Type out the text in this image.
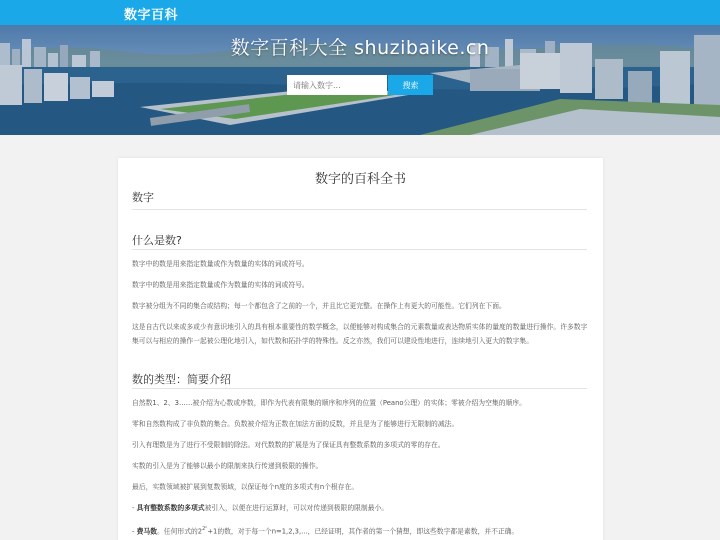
数字百科
数字百科大全 shuzibaike.cn
请输入数字...
搜索
数字的百科全书
数字
什么是数?

数字中的数是用来指定数量或作为数量的实体的词或符号。

数字中的数是用来指定数量或作为数量的实体的词或符号。

数字被分组为不同的集合或结构；每一个都包含了之前的一个，并且比它更完整。在操作上有更大的可能性。它们列在下面。

这是自古代以来或多或少有意识地引入的具有根本重要性的数学概念，以便能够对构成集合的元素数量或表达物质实体的量度的数量进行操作。许多数字集可以与相应的操作一起被公理化地引入，如代数和拓扑学的特殊性。反之亦然，我们可以建设性地进行，连续地引入更大的数字集。

数的类型：简要介绍

自然数1、2、3……被介绍为心数或序数，即作为代表有限集的顺序和序列的位置（Peano公理）的实体；零被介绍为空集的顺序。

零和自然数构成了非负数的集合。负数被介绍为正数在加法方面的反数，并且是为了能够进行无限制的减法。

引入有理数是为了进行不受限制的除法。对代数数的扩展是为了保证具有整数系数的多项式的零的存在。

实数的引入是为了能够以最小的限制来执行传递到极限的操作。

最后，实数领域被扩展到复数领域，以保证每个n度的多项式有n个根存在。

- 具有整数系数的多项式被引入，以便在进行运算时，可以对传递到极限的限制最小。

- 费马数。任何形式的$2^{2^n}+1$的数，对于每一个n=1,2,3,...，已经证明，其作者的第一个猜想，即这些数字都是素数，并不正确。
